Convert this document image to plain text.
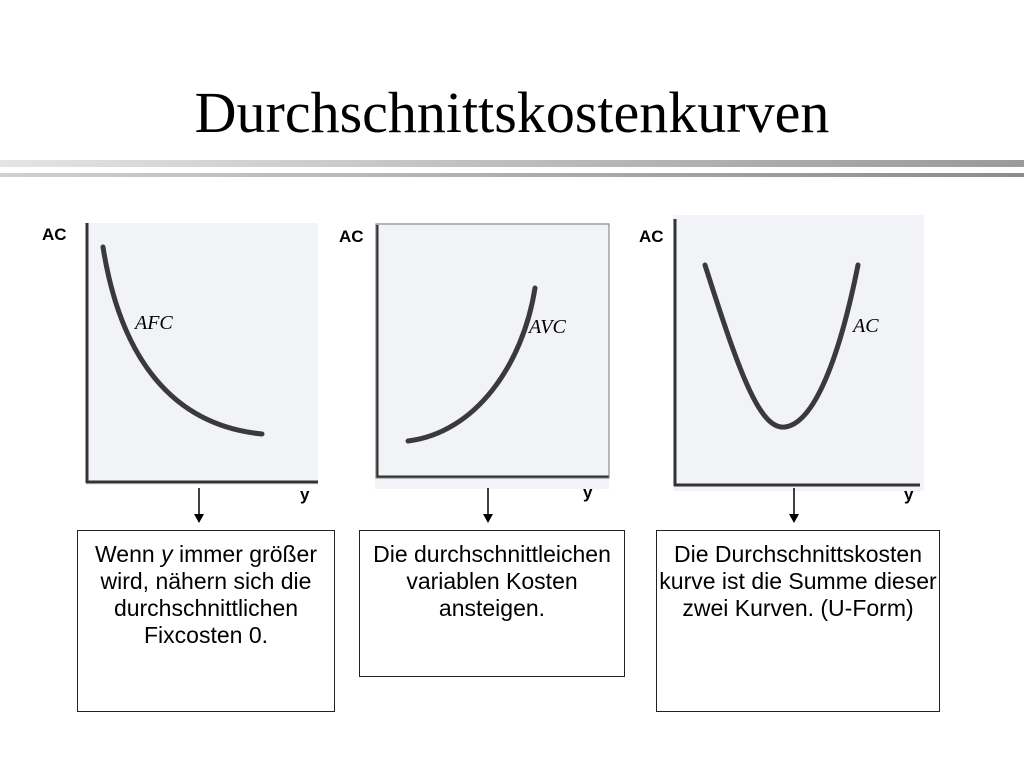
Durchschnittskostenkurven
AC
y
AFC
Wenn y immer größer wird, nähern sich die durchschnittlichen Fixcosten 0.
AC
y
AVC
Die durchschnittleichen variablen Kosten ansteigen.
AC
y
AC
Die Durchschnittskosten kurve ist die Summe dieser zwei Kurven. (U-Form)
